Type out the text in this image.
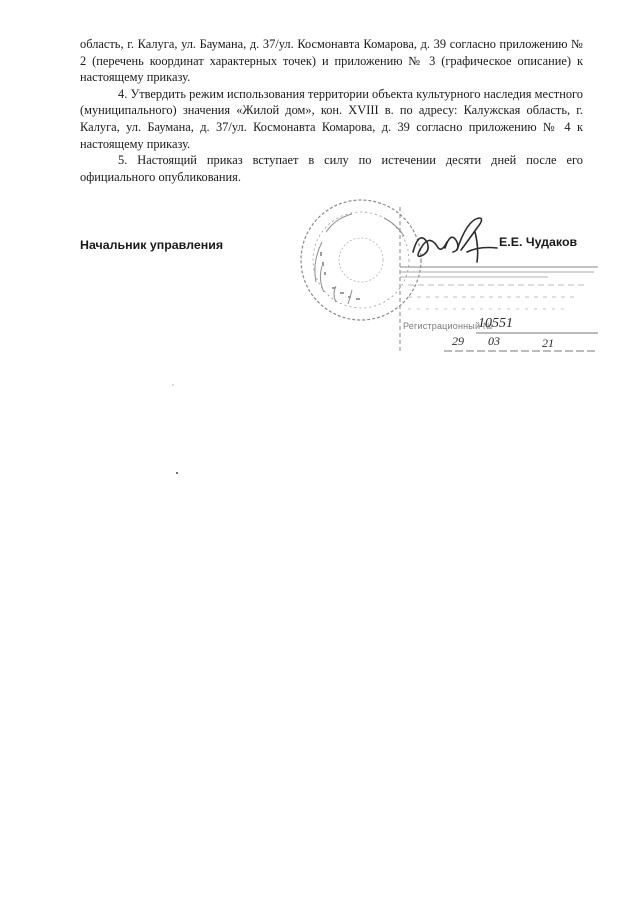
область, г. Калуга, ул. Баумана, д. 37/ул. Космонавта Комарова, д. 39 согласно приложению № 2 (перечень координат характерных точек) и приложению № 3 (графическое описание) к настоящему приказу.

4. Утвердить режим использования территории объекта культурного наследия местного (муниципального) значения «Жилой дом», кон. XVIII в. по адресу: Калужская область, г. Калуга, ул. Баумана, д. 37/ул. Космонавта Комарова, д. 39 согласно приложению № 4 к настоящему приказу.

5. Настоящий приказ вступает в силу по истечении десяти дней после его официального опубликования.

Начальник управления	Е.Е. Чудаков
Регистрационный №
10551
29 03	21
